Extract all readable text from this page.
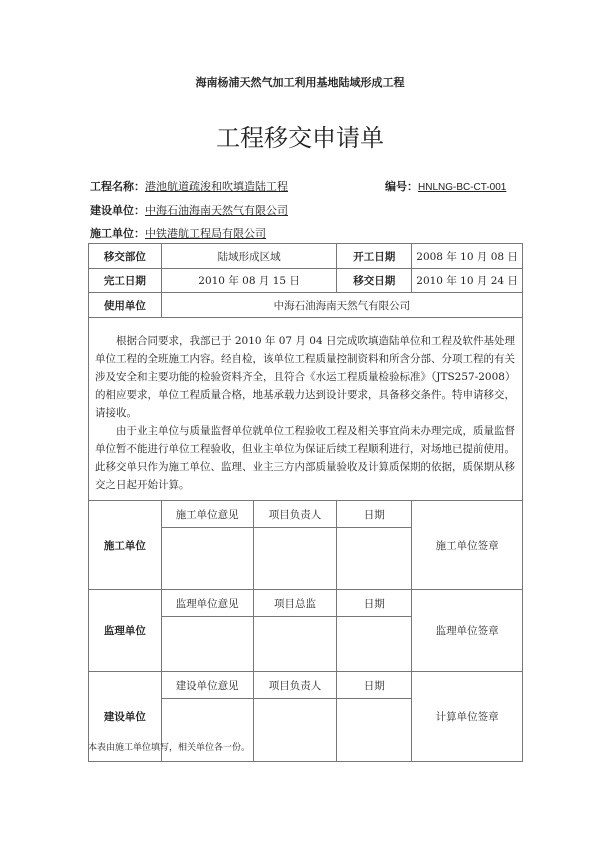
海南杨浦天然气加工利用基地陆域形成工程
工程移交申请单
工程名称：港池航道疏浚和吹填造陆工程	编号：HNLNG-BC-CT-001
建设单位：中海石油海南天然气有限公司
施工单位：中铁港航工程局有限公司
移交部位	陆域形成区域		开工日期	2008 年 10 月 08 日
完工日期	2010 年 08 月 15 日		移交日期	2010 年 10 月 24 日
使用单位	中海石油海南天然气有限公司			

根据合同要求，我部已于 2010 年 07 月 04 日完成吹填造陆单位和工程及软件基处理单位工程的全班施工内容。经自检，该单位工程质量控制资料和所含分部、分项工程的有关涉及安全和主要功能的检验资料齐全，且符合《水运工程质量检验标准》（JTS257-2008）的相应要求，单位工程质量合格，地基承载力达到设计要求，具备移交条件。特申请移交，请接收。

由于业主单位与质量监督单位就单位工程验收工程及相关事宜尚未办理完成，质量监督单位暂不能进行单位工程验收，但业主单位为保证后续工程顺利进行，对场地已提前使用。此移交单只作为施工单位、监理、业主三方内部质量验收及计算质保期的依据，质保期从移交之日起开始计算。				

施工单位	施工单位意见	项目负责人	日期	施工单位签章

监理单位	监理单位意见	项目总监	日期	监理单位签章

建设单位	建设单位意见	项目负责人	日期	计算单位签章

本表由施工单位填写，相关单位各一份。
